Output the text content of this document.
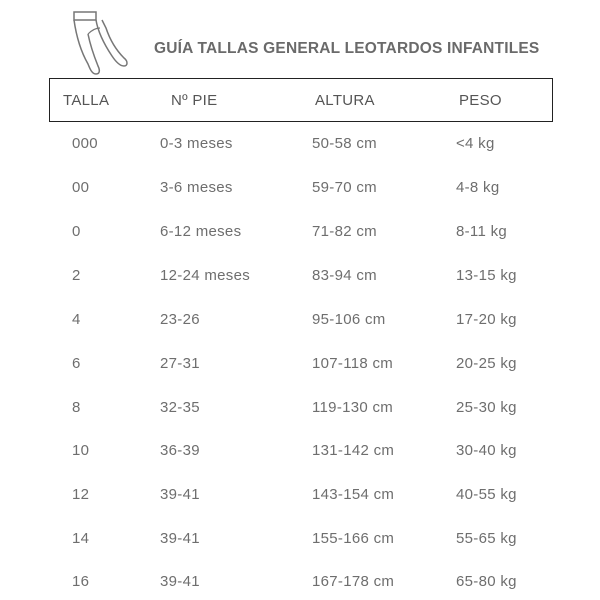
GUÍA TALLAS GENERAL LEOTARDOS INFANTILES
TALLA	Nº PIE	ALTURA	PESO
000	0-3 meses	50-58 cm	<4 kg
00	3-6 meses	59-70 cm	4-8 kg
0	6-12 meses	71-82 cm	8-11 kg
2	12-24 meses	83-94 cm	13-15 kg
4	23-26	95-106 cm	17-20 kg
6	27-31	107-118 cm	20-25 kg
8	32-35	119-130 cm	25-30 kg
10	36-39	131-142 cm	30-40 kg
12	39-41	143-154 cm	40-55 kg
14	39-41	155-166 cm	55-65 kg
16	39-41	167-178 cm	65-80 kg
